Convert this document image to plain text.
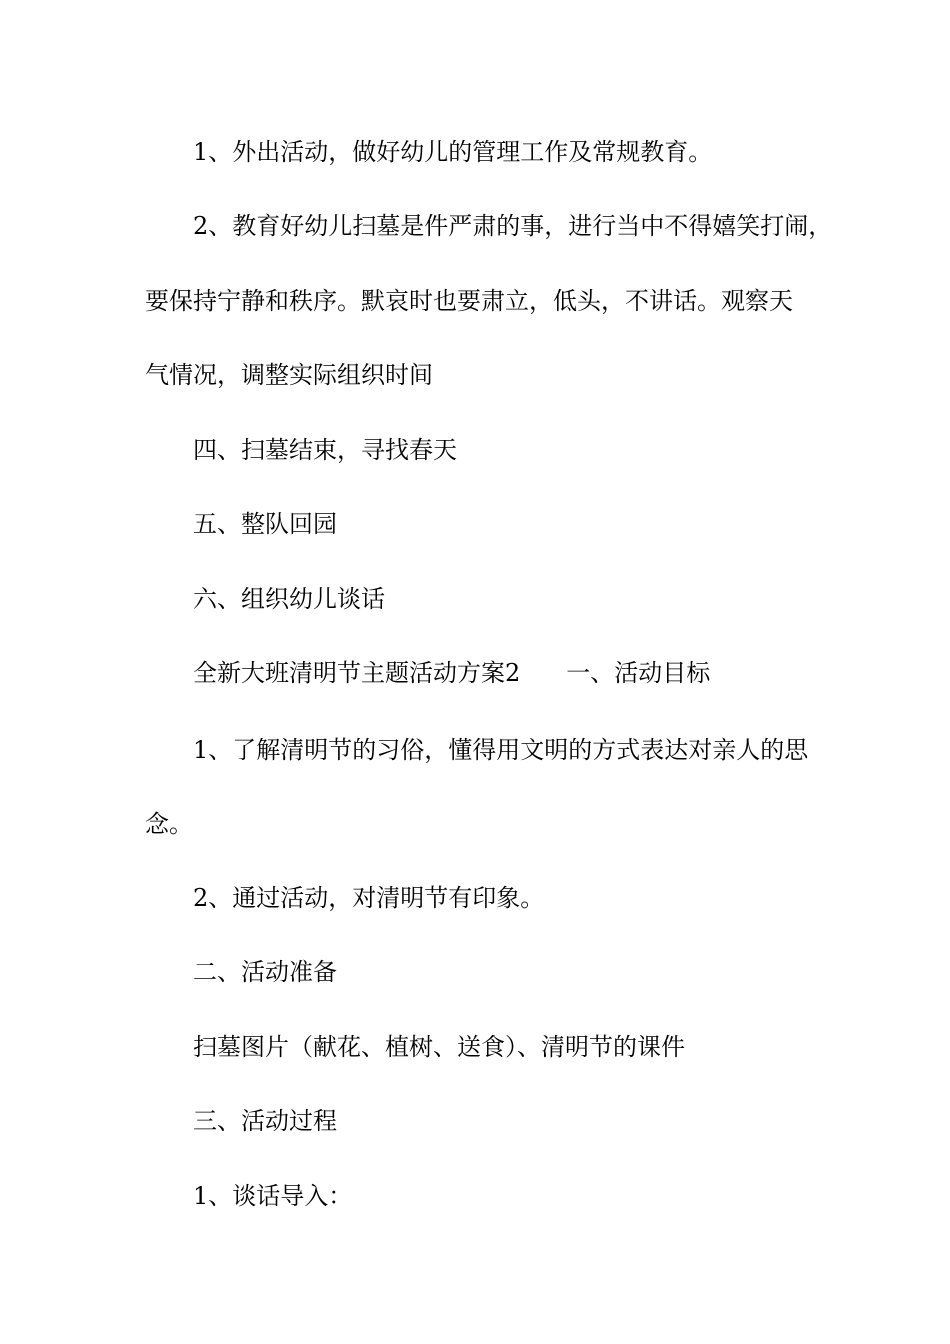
1、外出活动，做好幼儿的管理工作及常规教育。

2、教育好幼儿扫墓是件严肃的事，进行当中不得嬉笑打闹，

要保持宁静和秩序。默哀时也要肃立，低头，不讲话。观察天

气情况，调整实际组织时间

四、扫墓结束，寻找春天

五、整队回园

六、组织幼儿谈话

全新大班清明节主题活动方案2 一、活动目标

1、了解清明节的习俗，懂得用文明的方式表达对亲人的思

念。

2、通过活动，对清明节有印象。

二、活动准备

扫墓图片（献花、植树、送食）、清明节的课件

三、活动过程

1、谈话导入：
